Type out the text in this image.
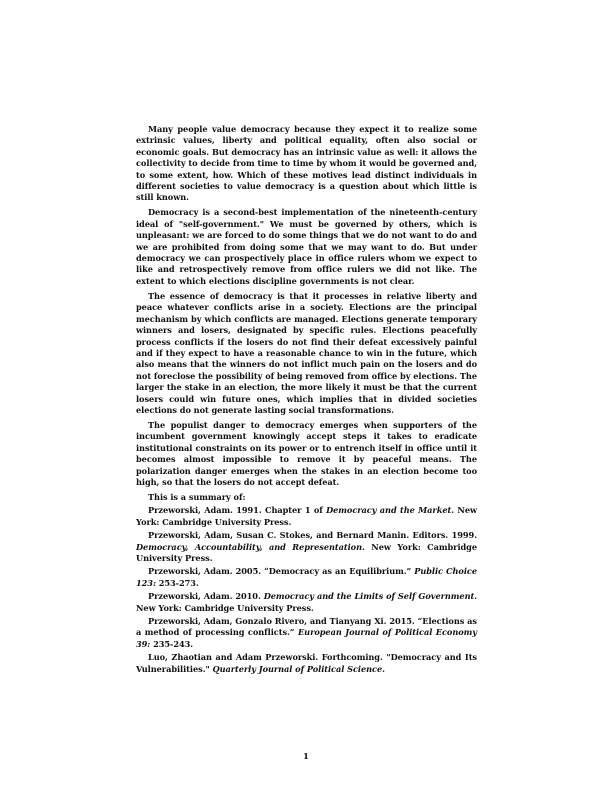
Many people value democracy because they expect it to realize some extrinsic values, liberty and political equality, often also social or economic goals. But democracy has an intrinsic value as well: it allows the collectivity to decide from time to time by whom it would be governed and, to some extent, how. Which of these motives lead distinct individuals in different societies to value democracy is a question about which little is still known.

Democracy is a second-best implementation of the nineteenth-century ideal of "self-government." We must be governed by others, which is unpleasant: we are forced to do some things that we do not want to do and we are prohibited from doing some that we may want to do. But under democracy we can prospectively place in office rulers whom we expect to like and retrospectively remove from office rulers we did not like. The extent to which elections discipline governments is not clear.

The essence of democracy is that it processes in relative liberty and peace whatever conflicts arise in a society. Elections are the principal mechanism by which conflicts are managed. Elections generate temporary winners and losers, designated by specific rules. Elections peacefully process conflicts if the losers do not find their defeat excessively painful and if they expect to have a reasonable chance to win in the future, which also means that the winners do not inflict much pain on the losers and do not foreclose the possibility of being removed from office by elections. The larger the stake in an election, the more likely it must be that the current losers could win future ones, which implies that in divided societies elections do not generate lasting social transformations.

The populist danger to democracy emerges when supporters of the incumbent government knowingly accept steps it takes to eradicate institutional constraints on its power or to entrench itself in office until it becomes almost impossible to remove it by peaceful means. The polarization danger emerges when the stakes in an election become too high, so that the losers do not accept defeat.

This is a summary of:

Przeworski, Adam. 1991. Chapter 1 of Democracy and the Market. New York: Cambridge University Press.

Przeworski, Adam, Susan C. Stokes, and Bernard Manin. Editors. 1999. Democracy, Accountability, and Representation. New York: Cambridge University Press.

Przeworski, Adam. 2005. “Democracy as an Equilibrium.” Public Choice 123: 253-273.

Przeworski, Adam. 2010. Democracy and the Limits of Self Government. New York: Cambridge University Press.

Przeworski, Adam, Gonzalo Rivero, and Tianyang Xi. 2015. “Elections as a method of processing conflicts.” European Journal of Political Economy 39: 235-243.

Luo, Zhaotian and Adam Przeworski. Forthcoming. "Democracy and Its Vulnerabilities." Quarterly Journal of Political Science.

1
